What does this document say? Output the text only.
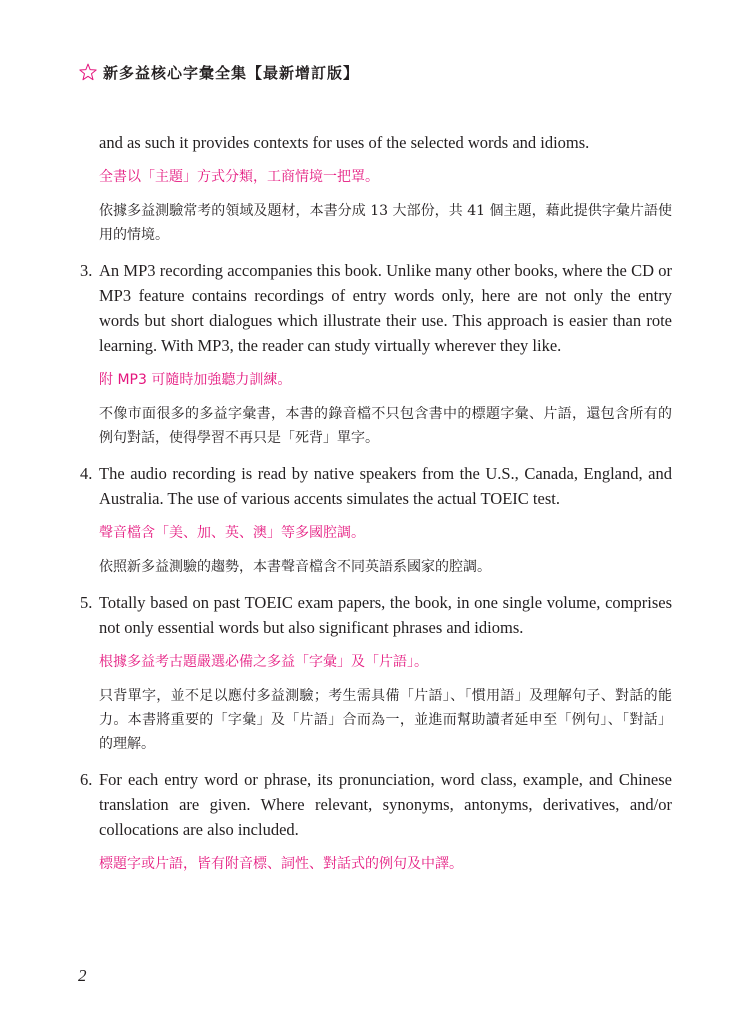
新多益核心字彙全集【最新增訂版】

and as such it provides contexts for uses of the selected words and idioms.

全書以「主題」方式分類，工商情境一把罩。

依據多益測驗常考的領域及題材，本書分成 13 大部份，共 41 個主題，藉此提供字彙片語使用的情境。

3. An MP3 recording accompanies this book. Unlike many other books, where the CD or MP3 feature contains recordings of entry words only, here are not only the entry words but short dialogues which illustrate their use. This approach is easier than rote learning. With MP3, the reader can study virtually wherever they like.

附 MP3 可隨時加強聽力訓練。

不像市面很多的多益字彙書，本書的錄音檔不只包含書中的標題字彙、片語，還包含所有的例句對話，使得學習不再只是「死背」單字。

4. The audio recording is read by native speakers from the U.S., Canada, England, and Australia. The use of various accents simulates the actual TOEIC test.

聲音檔含「美、加、英、澳」等多國腔調。

依照新多益測驗的趨勢，本書聲音檔含不同英語系國家的腔調。

5. Totally based on past TOEIC exam papers, the book, in one single volume, comprises not only essential words but also significant phrases and idioms.

根據多益考古題嚴選必備之多益「字彙」及「片語」。

只背單字，並不足以應付多益測驗；考生需具備「片語」、「慣用語」及理解句子、對話的能力。本書將重要的「字彙」及「片語」合而為一，並進而幫助讀者延申至「例句」、「對話」的理解。

6. For each entry word or phrase, its pronunciation, word class, example, and Chinese translation are given. Where relevant, synonyms, antonyms, derivatives, and/or collocations are also included.

標題字或片語，皆有附音標、詞性、對話式的例句及中譯。

2
